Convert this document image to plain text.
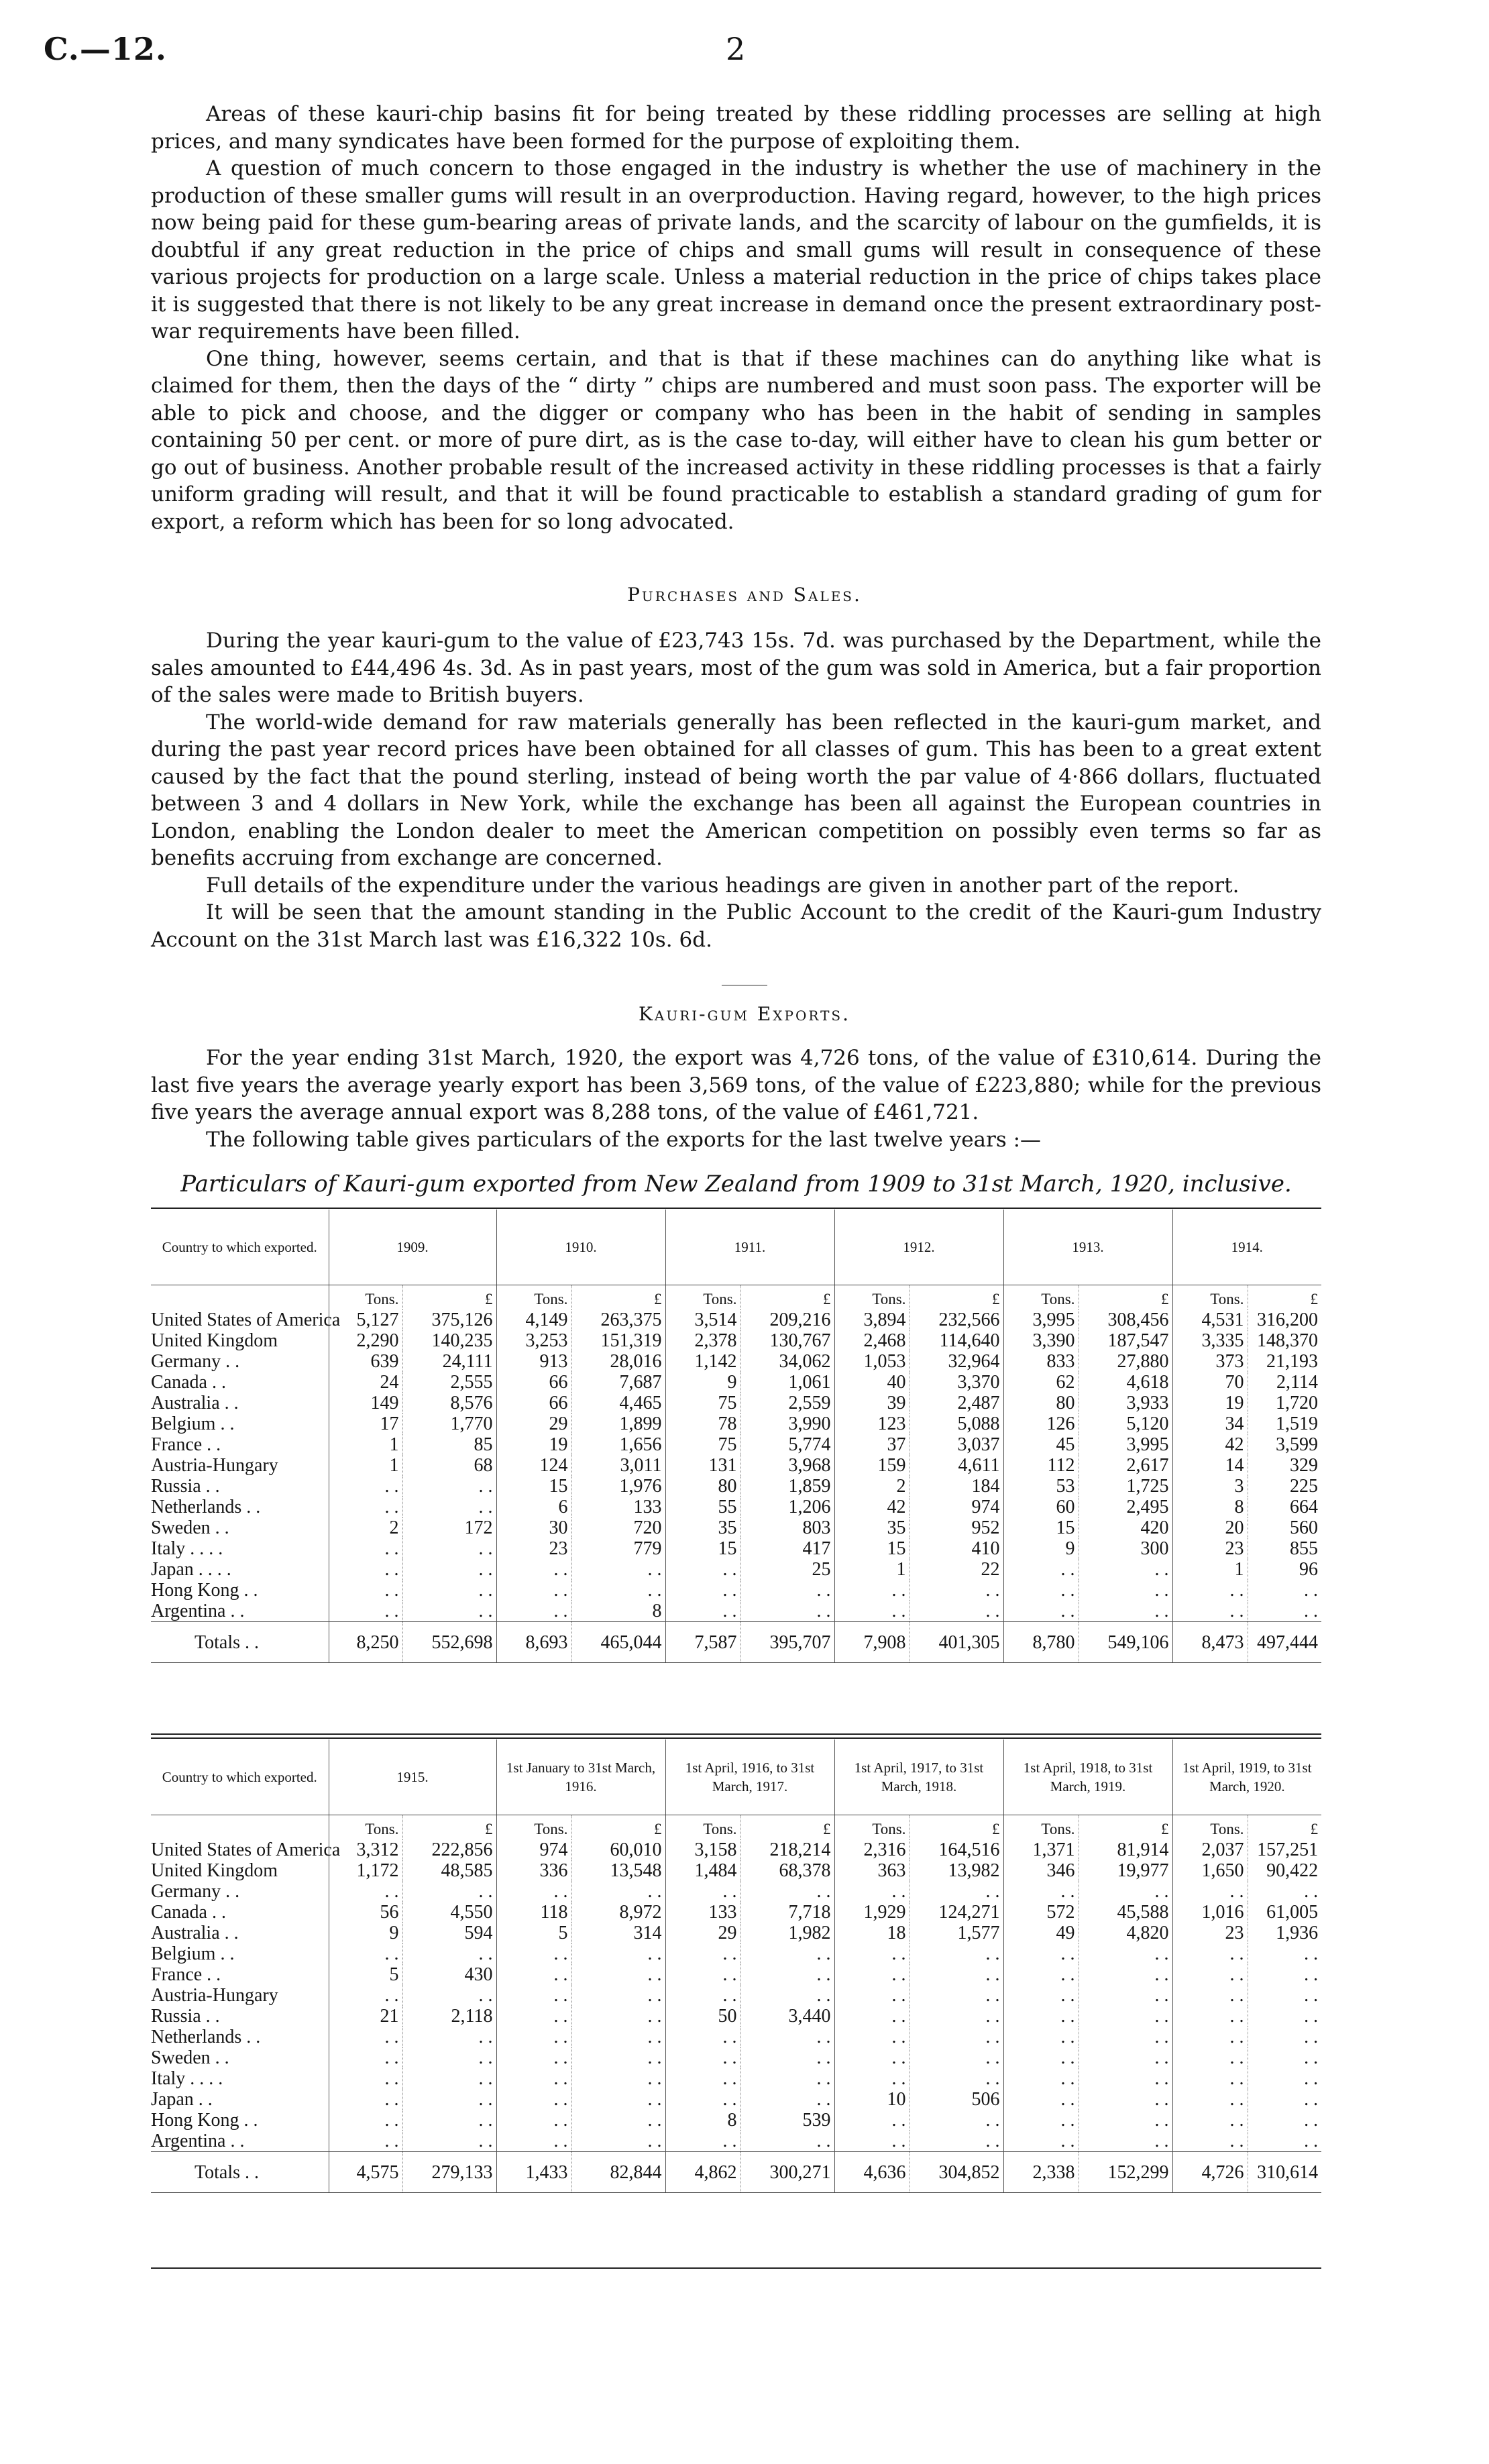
C.—12.	2

Areas of these kauri-chip basins fit for being treated by these riddling processes are selling at high prices, and many syndicates have been formed for the purpose of exploiting them.

A question of much concern to those engaged in the industry is whether the use of machinery in the production of these smaller gums will result in an overproduction. Having regard, however, to the high prices now being paid for these gum-bearing areas of private lands, and the scarcity of labour on the gumfields, it is doubtful if any great reduction in the price of chips and small gums will result in consequence of these various projects for production on a large scale. Unless a material reduction in the price of chips takes place it is suggested that there is not likely to be any great increase in demand once the present extraordinary post-war requirements have been filled.

One thing, however, seems certain, and that is that if these machines can do anything like what is claimed for them, then the days of the “ dirty ” chips are numbered and must soon pass. The exporter will be able to pick and choose, and the digger or company who has been in the habit of sending in samples containing 50 per cent. or more of pure dirt, as is the case to-day, will either have to clean his gum better or go out of business. Another probable result of the increased activity in these riddling processes is that a fairly uniform grading will result, and that it will be found practicable to establish a standard grading of gum for export, a reform which has been for so long advocated.

Purchases and Sales.

During the year kauri-gum to the value of £23,743 15s. 7d. was purchased by the Department, while the sales amounted to £44,496 4s. 3d. As in past years, most of the gum was sold in America, but a fair proportion of the sales were made to British buyers.

The world-wide demand for raw materials generally has been reflected in the kauri-gum market, and during the past year record prices have been obtained for all classes of gum. This has been to a great extent caused by the fact that the pound sterling, instead of being worth the par value of 4·866 dollars, fluctuated between 3 and 4 dollars in New York, while the exchange has been all against the European countries in London, enabling the London dealer to meet the American competition on possibly even terms so far as benefits accruing from exchange are concerned.

Full details of the expenditure under the various headings are given in another part of the report.

It will be seen that the amount standing in the Public Account to the credit of the Kauri-gum Industry Account on the 31st March last was £16,322 10s. 6d.

Kauri-gum Exports.

For the year ending 31st March, 1920, the export was 4,726 tons, of the value of £310,614. During the last five years the average yearly export has been 3,569 tons, of the value of £223,880; while for the previous five years the average annual export was 8,288 tons, of the value of £461,721.

The following table gives particulars of the exports for the last twelve years :—

Particulars of Kauri-gum exported from New Zealand from 1909 to 31st March, 1920, inclusive.
Country to which exported.	1909.		1910.		1911.		1912.		1913.		1914.	
	Tons.	£	Tons.	£	Tons.	£	Tons.	£	Tons.	£	Tons.	£
United States of America	5,127	375,126	4,149	263,375	3,514	209,216	3,894	232,566	3,995	308,456	4,531	316,200
United Kingdom	2,290	140,235	3,253	151,319	2,378	130,767	2,468	114,640	3,390	187,547	3,335	148,370
Germany . .	639	24,111	913	28,016	1,142	34,062	1,053	32,964	833	27,880	373	21,193
Canada . .	24	2,555	66	7,687	9	1,061	40	3,370	62	4,618	70	2,114
Australia . .	149	8,576	66	4,465	75	2,559	39	2,487	80	3,933	19	1,720
Belgium . .	17	1,770	29	1,899	78	3,990	123	5,088	126	5,120	34	1,519
France . .	1	85	19	1,656	75	5,774	37	3,037	45	3,995	42	3,599
Austria-Hungary	1	68	124	3,011	131	3,968	159	4,611	112	2,617	14	329
Russia . .	. .	. .	15	1,976	80	1,859	2	184	53	1,725	3	225
Netherlands . .	. .	. .	6	133	55	1,206	42	974	60	2,495	8	664
Sweden . .	2	172	30	720	35	803	35	952	15	420	20	560
Italy . . . .	. .	. .	23	779	15	417	15	410	9	300	23	855
Japan . . . .	. .	. .	. .	. .	. .	25	1	22	. .	. .	1	96
Hong Kong . .	. .	. .	. .	. .	. .	. .	. .	. .	. .	. .	. .	. .
Argentina . .	. .	. .	. .	8	. .	. .	. .	. .	. .	. .	. .	. .
Totals . .	8,250	552,698	8,693	465,044	7,587	395,707	7,908	401,305	8,780	549,106	8,473	497,444
Country to which exported.	1915.		1st January to 31st March, 1916.		1st April, 1916, to 31st March, 1917.		1st April, 1917, to 31st March, 1918.		1st April, 1918, to 31st March, 1919.		1st April, 1919, to 31st March, 1920.	
	Tons.	£	Tons.	£	Tons.	£	Tons.	£	Tons.	£	Tons.	£
United States of America	3,312	222,856	974	60,010	3,158	218,214	2,316	164,516	1,371	81,914	2,037	157,251
United Kingdom	1,172	48,585	336	13,548	1,484	68,378	363	13,982	346	19,977	1,650	90,422
Germany . .	. .	. .	. .	. .	. .	. .	. .	. .	. .	. .	. .	. .
Canada . .	56	4,550	118	8,972	133	7,718	1,929	124,271	572	45,588	1,016	61,005
Australia . .	9	594	5	314	29	1,982	18	1,577	49	4,820	23	1,936
Belgium . .	. .	. .	. .	. .	. .	. .	. .	. .	. .	. .	. .	. .
France . .	5	430	. .	. .	. .	. .	. .	. .	. .	. .	. .	. .
Austria-Hungary	. .	. .	. .	. .	. .	. .	. .	. .	. .	. .	. .	. .
Russia . .	21	2,118	. .	. .	50	3,440	. .	. .	. .	. .	. .	. .
Netherlands . .	. .	. .	. .	. .	. .	. .	. .	. .	. .	. .	. .	. .
Sweden . .	. .	. .	. .	. .	. .	. .	. .	. .	. .	. .	. .	. .
Italy . . . .	. .	. .	. .	. .	. .	. .	. .	. .	. .	. .	. .	. .
Japan . .	. .	. .	. .	. .	. .	. .	10	506	. .	. .	. .	. .
Hong Kong . .	. .	. .	. .	. .	8	539	. .	. .	. .	. .	. .	. .
Argentina . .	. .	. .	. .	. .	. .	. .	. .	. .	. .	. .	. .	. .
Totals . .	4,575	279,133	1,433	82,844	4,862	300,271	4,636	304,852	2,338	152,299	4,726	310,614
